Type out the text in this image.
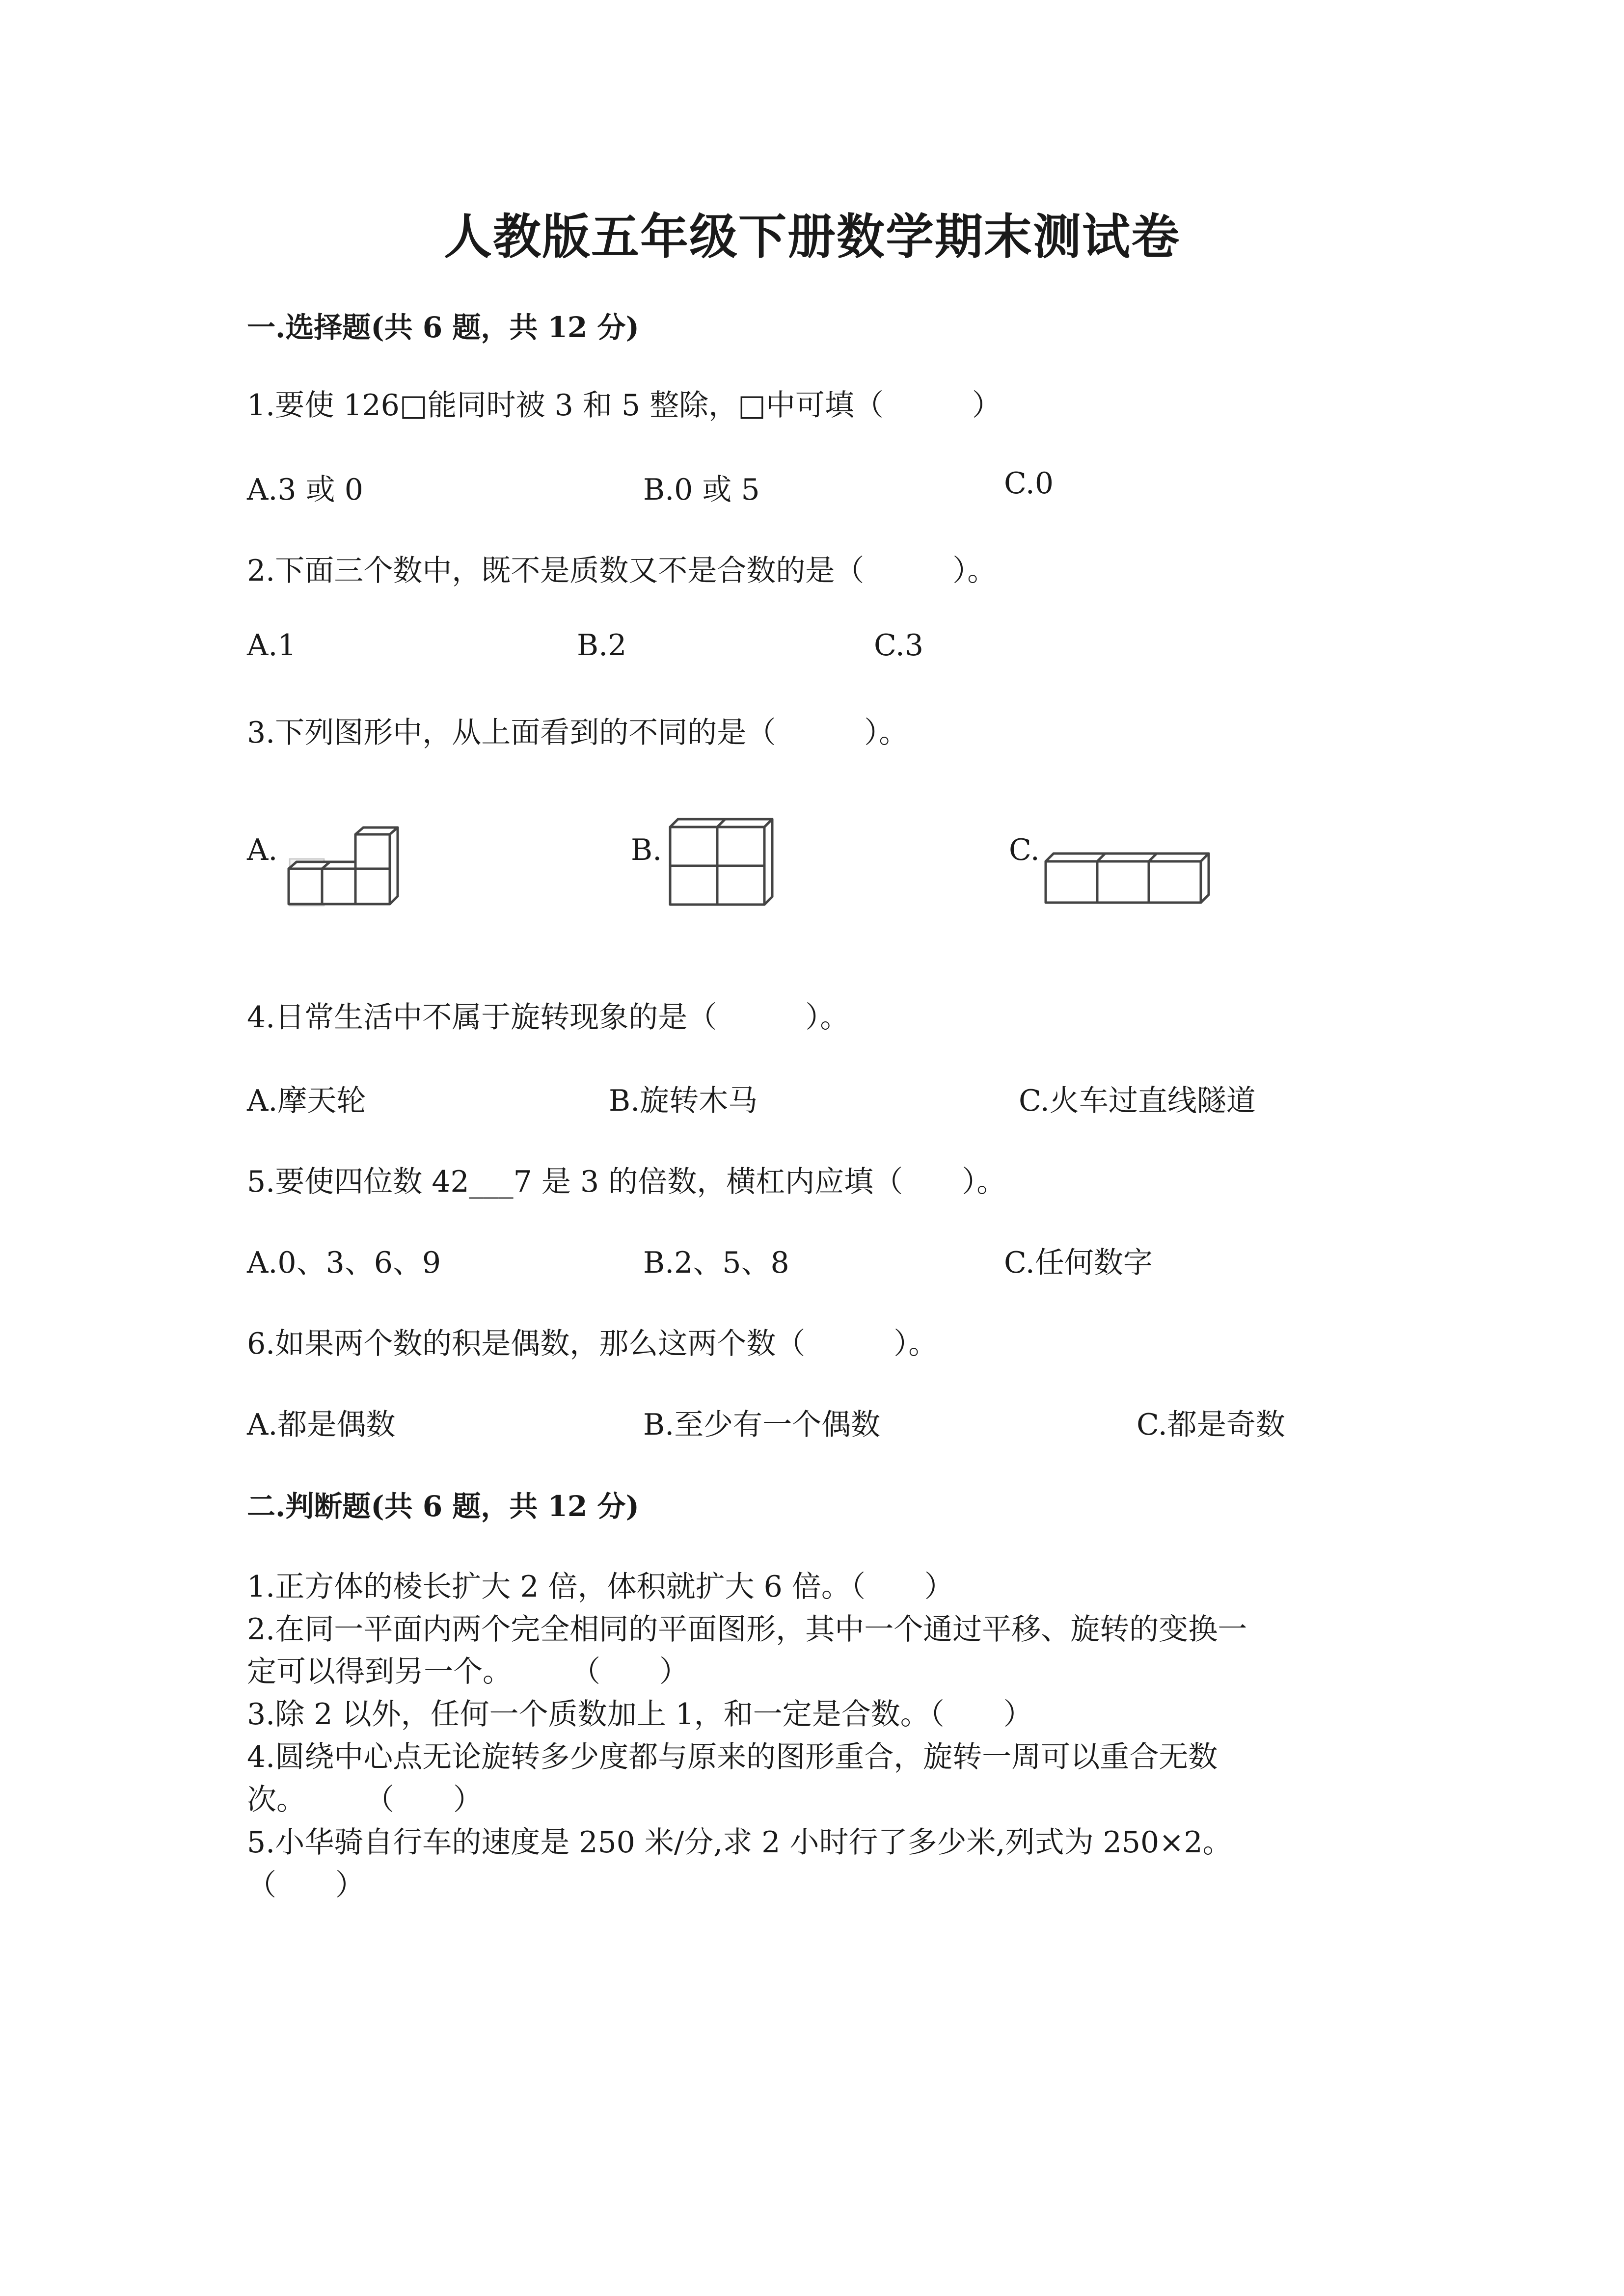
人教版五年级下册数学期末测试卷
一.选择题(共 6 题，共 12 分)
1.要使 126□能同时被 3 和 5 整除，□中可填（　　　）
A.3 或 0	B.0 或 5	C.0
2.下面三个数中，既不是质数又不是合数的是（　　　）。
A.1	B.2	C.3
3.下列图形中，从上面看到的不同的是（　　　）。
A.	B.	C.
4.日常生活中不属于旋转现象的是（　　　）。
A.摩天轮	B.旋转木马	C.火车过直线隧道
5.要使四位数 42___7 是 3 的倍数，横杠内应填（　　）。
A.0、3、6、9	B.2、5、8	C.任何数字
6.如果两个数的积是偶数，那么这两个数（　　　）。
A.都是偶数	B.至少有一个偶数	C.都是奇数
二.判断题(共 6 题，共 12 分)
1.正方体的棱长扩大 2 倍，体积就扩大 6 倍。（　　）
2.在同一平面内两个完全相同的平面图形，其中一个通过平移、旋转的变换一
定可以得到另一个。　　　（　　）
3.除 2 以外，任何一个质数加上 1，和一定是合数。（　　）
4.圆绕中心点无论旋转多少度都与原来的图形重合，旋转一周可以重合无数
次。　　　（　　）
5.小华骑自行车的速度是 250 米/分,求 2 小时行了多少米,列式为 250×2。
（　　）
